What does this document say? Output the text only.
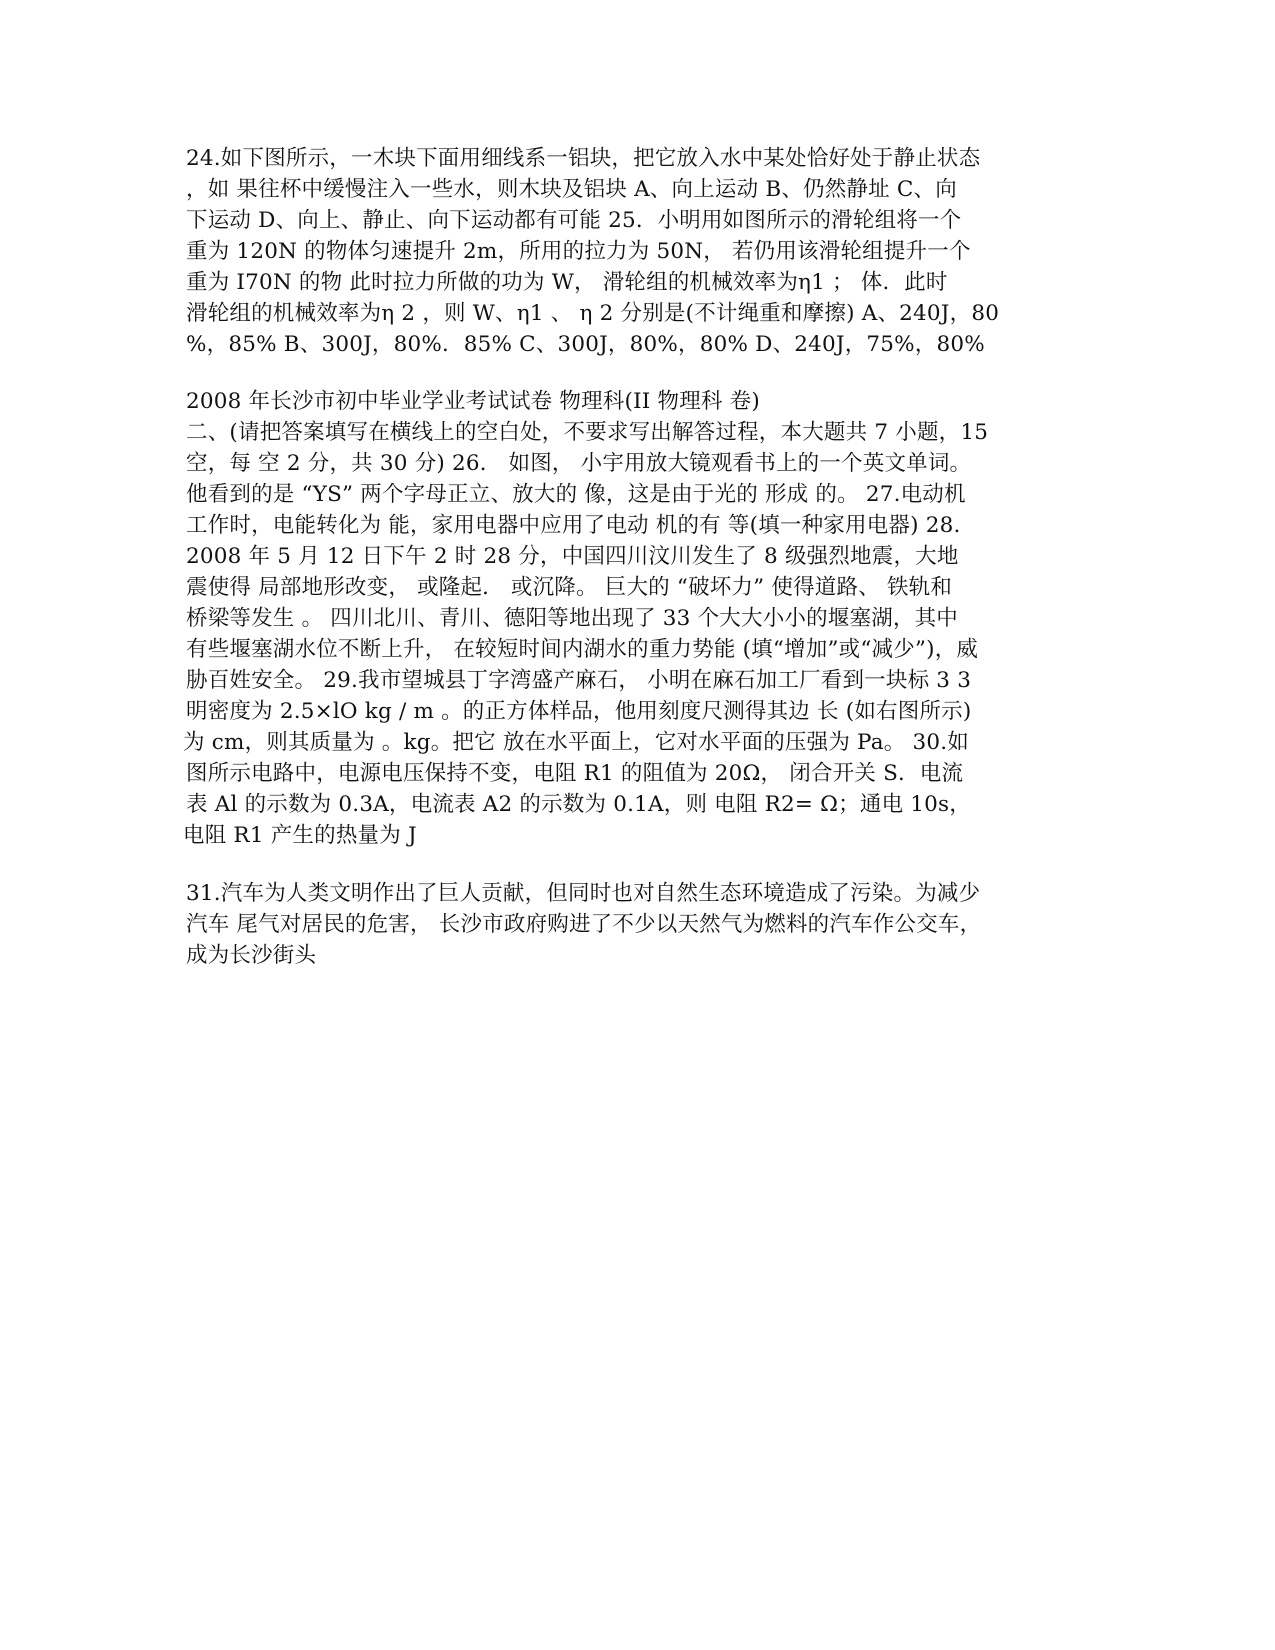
24.如下图所示，一木块下面用细线系一铝块，把它放入水中某处恰好处于静止状态
，如 果往杯中缓慢注入一些水，则木块及铝块 A、向上运动 B、仍然静址 C、向
下运动 D、向上、静止、向下运动都有可能 25．小明用如图所示的滑轮组将一个
重为 120N 的物体匀速提升 2m，所用的拉力为 50N， 若仍用该滑轮组提升一个
重为 I70N 的物 此时拉力所做的功为 W， 滑轮组的机械效率为η1 ； 体．此时
滑轮组的机械效率为η 2 ，则 W、η1 、 η 2 分别是(不计绳重和摩擦) A、240J，80
%，85% B、300J，80%．85% C、300J，80%，80% D、240J，75%，80%
2008 年长沙市初中毕业学业考试试卷 物理科(II 物理科 卷)
二、(请把答案填写在横线上的空白处，不要求写出解答过程，本大题共 7 小题，15
空，每 空 2 分，共 30 分) 26． 如图， 小宇用放大镜观看书上的一个英文单词。
他看到的是 “YS” 两个字母正立、放大的 像，这是由于光的 形成 的。 27.电动机
工作时，电能转化为 能，家用电器中应用了电动 机的有 等(填一种家用电器) 28.
2008 年 5 月 12 日下午 2 时 28 分，中国四川汶川发生了 8 级强烈地震，大地
震使得 局部地形改变， 或隆起． 或沉降。 巨大的 “破坏力” 使得道路、 铁轨和
桥梁等发生 。 四川北川、青川、德阳等地出现了 33 个大大小小的堰塞湖，其中
有些堰塞湖水位不断上升， 在较短时间内湖水的重力势能 (填“增加”或“减少”)，威
胁百姓安全。 29.我市望城县丁字湾盛产麻石， 小明在麻石加工厂看到一块标 3 3
明密度为 2.5×lO kg / m 。的正方体样品，他用刻度尺测得其边 长 (如右图所示)
为 cm，则其质量为 。kg。把它 放在水平面上，它对水平面的压强为 Pa。 30.如
图所示电路中，电源电压保持不变，电阻 R1 的阻值为 20Ω， 闭合开关 S．电流
表 Al 的示数为 0.3A，电流表 A2 的示数为 0.1A，则 电阻 R2= Ω；通电 10s，
电阻 R1 产生的热量为 J
31.汽车为人类文明作出了巨人贡献，但同时也对自然生态环境造成了污染。为减少
汽车 尾气对居民的危害， 长沙市政府购进了不少以天然气为燃料的汽车作公交车，
成为长沙街头
